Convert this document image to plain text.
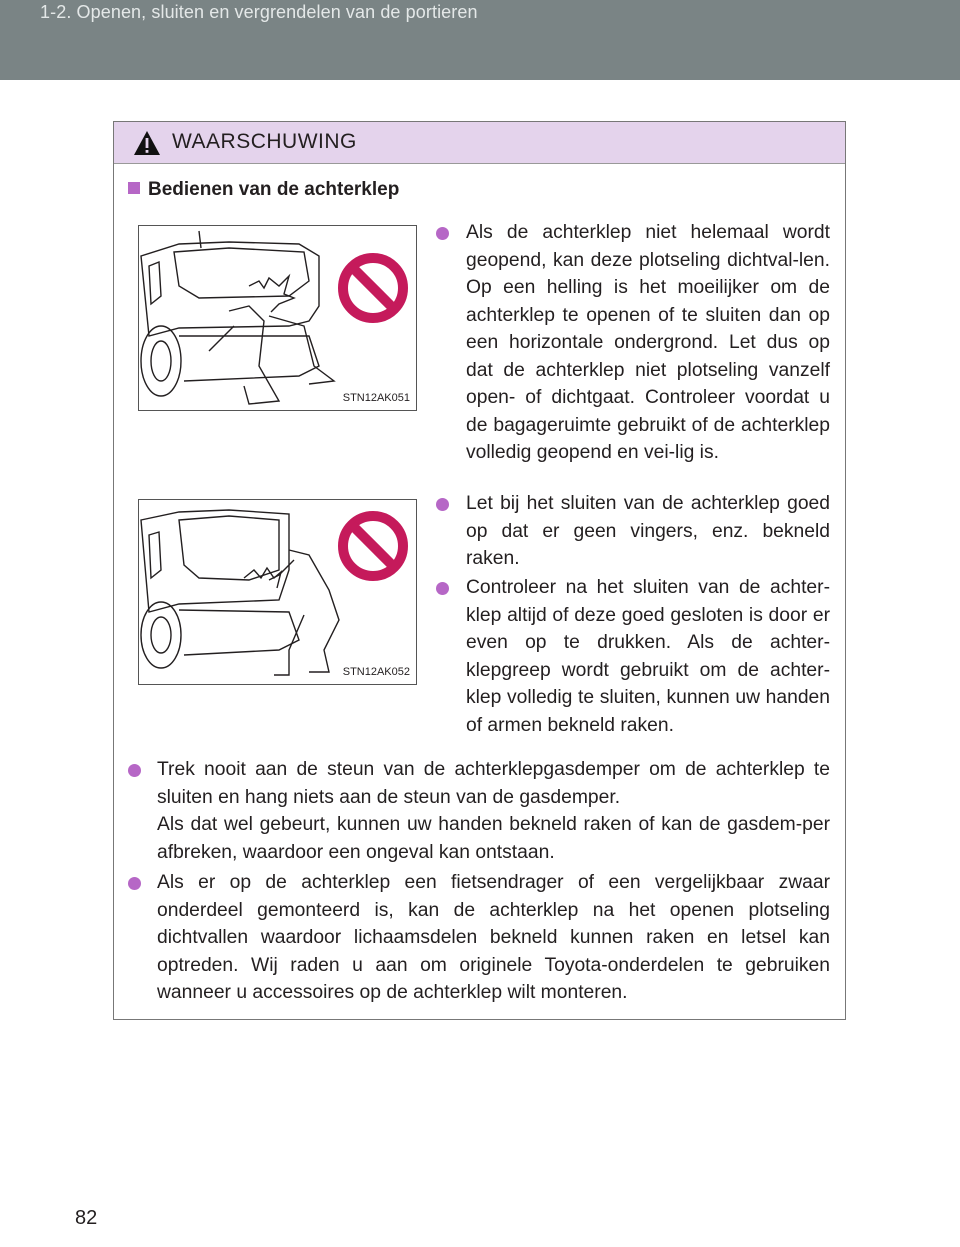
1-2. Openen, sluiten en vergrendelen van de portieren
WAARSCHUWING
Bedienen van de achterklep
STN12AK051
STN12AK052
Als de achterklep niet helemaal wordt geopend, kan deze plotseling dichtval-len. Op een helling is het moeilijker om de achterklep te openen of te sluiten dan op een horizontale ondergrond. Let dus op dat de achterklep niet plotseling vanzelf open- of dichtgaat. Controleer voordat u de bagageruimte gebruikt of de achterklep volledig geopend en vei-lig is.
Let bij het sluiten van de achterklep goed op dat er geen vingers, enz. bekneld raken.
Controleer na het sluiten van de achter-klep altijd of deze goed gesloten is door er even op te drukken. Als de achter-klepgreep wordt gebruikt om de achter-klep volledig te sluiten, kunnen uw handen of armen bekneld raken.
Trek nooit aan de steun van de achterklepgasdemper om de achterklep te sluiten en hang niets aan de steun van de gasdemper.
Als dat wel gebeurt, kunnen uw handen bekneld raken of kan de gasdem-per afbreken, waardoor een ongeval kan ontstaan.
Als er op de achterklep een fietsendrager of een vergelijkbaar zwaar onderdeel gemonteerd is, kan de achterklep na het openen plotseling dichtvallen waardoor lichaamsdelen bekneld kunnen raken en letsel kan optreden. Wij raden u aan om originele Toyota-onderdelen te gebruiken wanneer u accessoires op de achterklep wilt monteren.
82
